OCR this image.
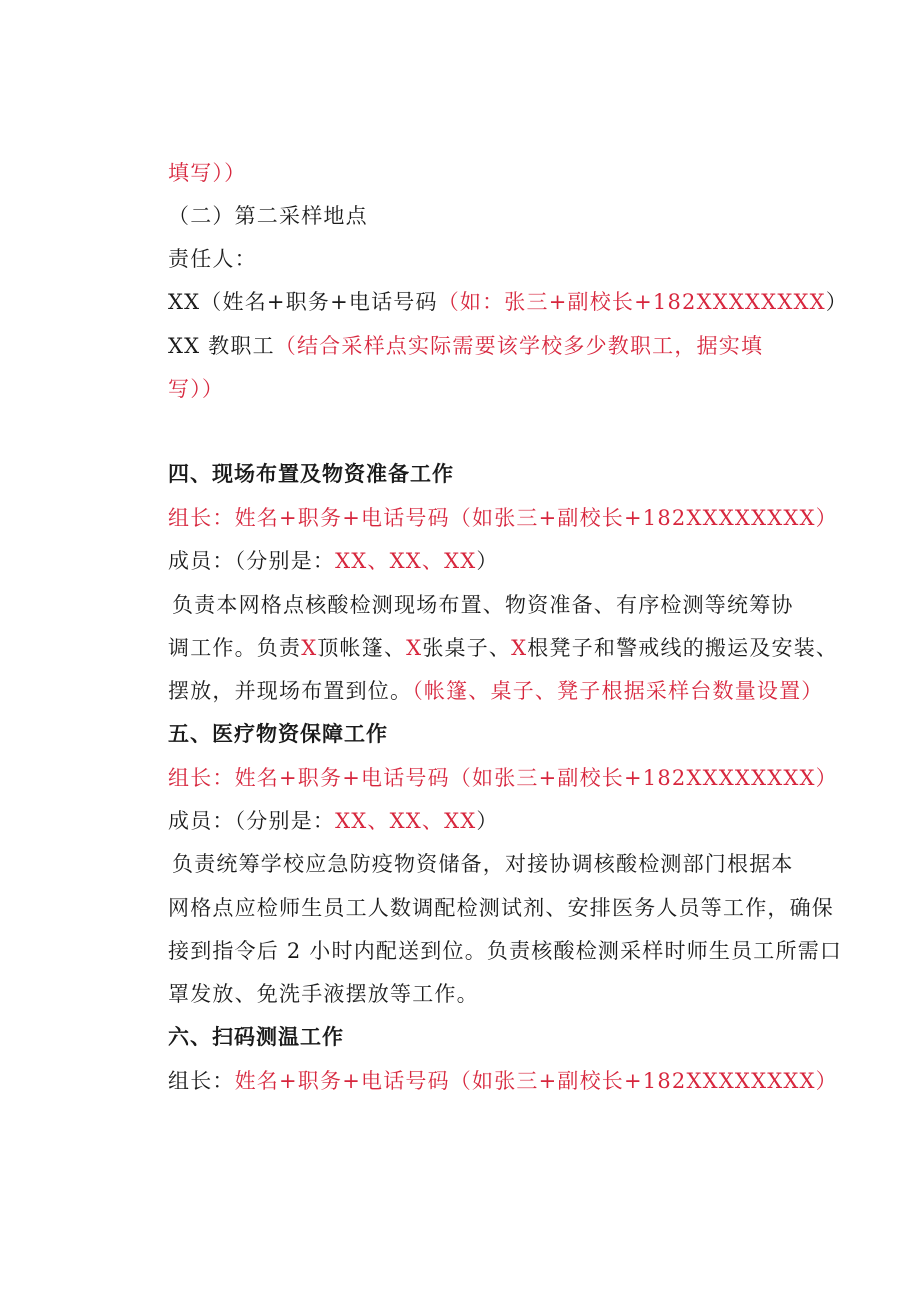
填写））
（二）第二采样地点
责任人：
XX（姓名+职务+电话号码（如：张三+副校长+182XXXXXXXX）
XX 教职工（结合采样点实际需要该学校多少教职工，据实填
写））
四、现场布置及物资准备工作
组长：姓名+职务+电话号码（如张三+副校长+182XXXXXXXX）
成员：（分别是：XX、XX、XX）
负责本网格点核酸检测现场布置、物资准备、有序检测等统筹协
调工作。负责X顶帐篷、X张桌子、X根凳子和警戒线的搬运及安装、
摆放，并现场布置到位。（帐篷、桌子、凳子根据采样台数量设置）
五、医疗物资保障工作
组长：姓名+职务+电话号码（如张三+副校长+182XXXXXXXX）
成员：（分别是：XX、XX、XX）
负责统筹学校应急防疫物资储备，对接协调核酸检测部门根据本
网格点应检师生员工人数调配检测试剂、安排医务人员等工作，确保
接到指令后 2 小时内配送到位。负责核酸检测采样时师生员工所需口
罩发放、免洗手液摆放等工作。
六、扫码测温工作
组长：姓名+职务+电话号码（如张三+副校长+182XXXXXXXX）
